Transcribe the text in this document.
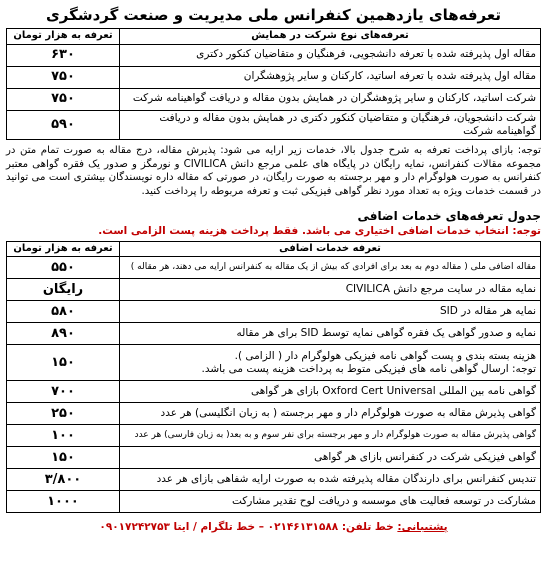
تعرفه‌های یازدهمین کنفرانس ملی مدیریت و صنعت گردشگری
تعرفه‌های نوع شرکت در همایش	تعرفه به هزار تومان
مقاله اول پذیرفته شده با تعرفه دانشجویی، فرهنگیان و متقاضیان کنکور دکتری	۶۳۰
مقاله اول پذیرفته شده با تعرفه اساتید، کارکنان و سایر پژوهشگران	۷۵۰
شرکت اساتید، کارکنان و سایر پژوهشگران در همایش بدون مقاله و دریافت گواهینامه شرکت	۷۵۰
شرکت دانشجویان، فرهنگیان و متقاضیان کنکور دکتری در همایش بدون مقاله و دریافت گواهینامه شرکت	۵۹۰
توجه: بازای پرداخت تعرفه به شرح جدول بالا، خدمات زیر ارایه می شود: پذیرش مقاله، درج مقاله به صورت تمام متن در مجموعه مقالات کنفرانس، نمایه رایگان در پایگاه های علمی مرجع دانش CIVILICA و نورمگز و صدور یک فقره گواهی معتبر کنفرانس به صورت هولوگرام دار و مهر برجسته به صورت رایگان، در صورتی که مقاله داره نویسندگان بیشتری است می توانید در قسمت خدمات ویژه به تعداد مورد نظر گواهی فیزیکی ثبت و تعرفه مربوطه را پرداخت کنید.
جدول تعرفه‌های خدمات اضافی
توجه: انتخاب خدمات اضافی اختیاری می باشد. فقط پرداخت هزینه پست الزامی است.
تعرفه خدمات اضافی	تعرفه به هزار تومان
مقاله اضافی ملی ( مقاله دوم به بعد برای افرادی که بیش از یک مقاله به کنفرانس ارایه می دهند، هر مقاله )	۵۵۰
نمایه مقاله در سایت مرجع دانش CIVILICA	رایگان
نمایه هر مقاله در SID	۵۸۰
نمایه و صدور گواهی یک فقره گواهی نمایه توسط SID برای هر مقاله	۸۹۰

هزینه بسته بندی و پست گواهی نامه فیزیکی هولوگرام دار ( الزامی ).
توجه: ارسال گواهی نامه های فیزیکی متوط به پرداخت هزینه پست می باشد.	۱۵۰
گواهی نامه بین المللی Oxford Cert Universal بازای هر گواهی	۷۰۰
گواهی پذیرش مقاله به صورت هولوگرام دار و مهر برجسته ( به زبان انگلیسی) هر عدد	۲۵۰
گواهی پذیرش مقاله به صورت هولوگرام دار و مهر برجسته برای نفر سوم و به بعد( به زبان فارسی) هر عدد	۱۰۰
گواهی فیزیکی شرکت در کنفرانس بازای هر گواهی	۱۵۰
تندیس کنفرانس برای دارندگان مقاله پذیرفته شده به صورت ارایه شفاهی بازای هر عدد	۳/۸۰۰
مشارکت در توسعه فعالیت های موسسه و دریافت لوح تقدیر مشارکت	۱۰۰۰
پشتیبانی: خط تلفن: ۰۲۱۴۶۱۳۱۵۸۸ – خط تلگرام / ایتا ۰۹۰۱۷۲۴۲۷۵۳
